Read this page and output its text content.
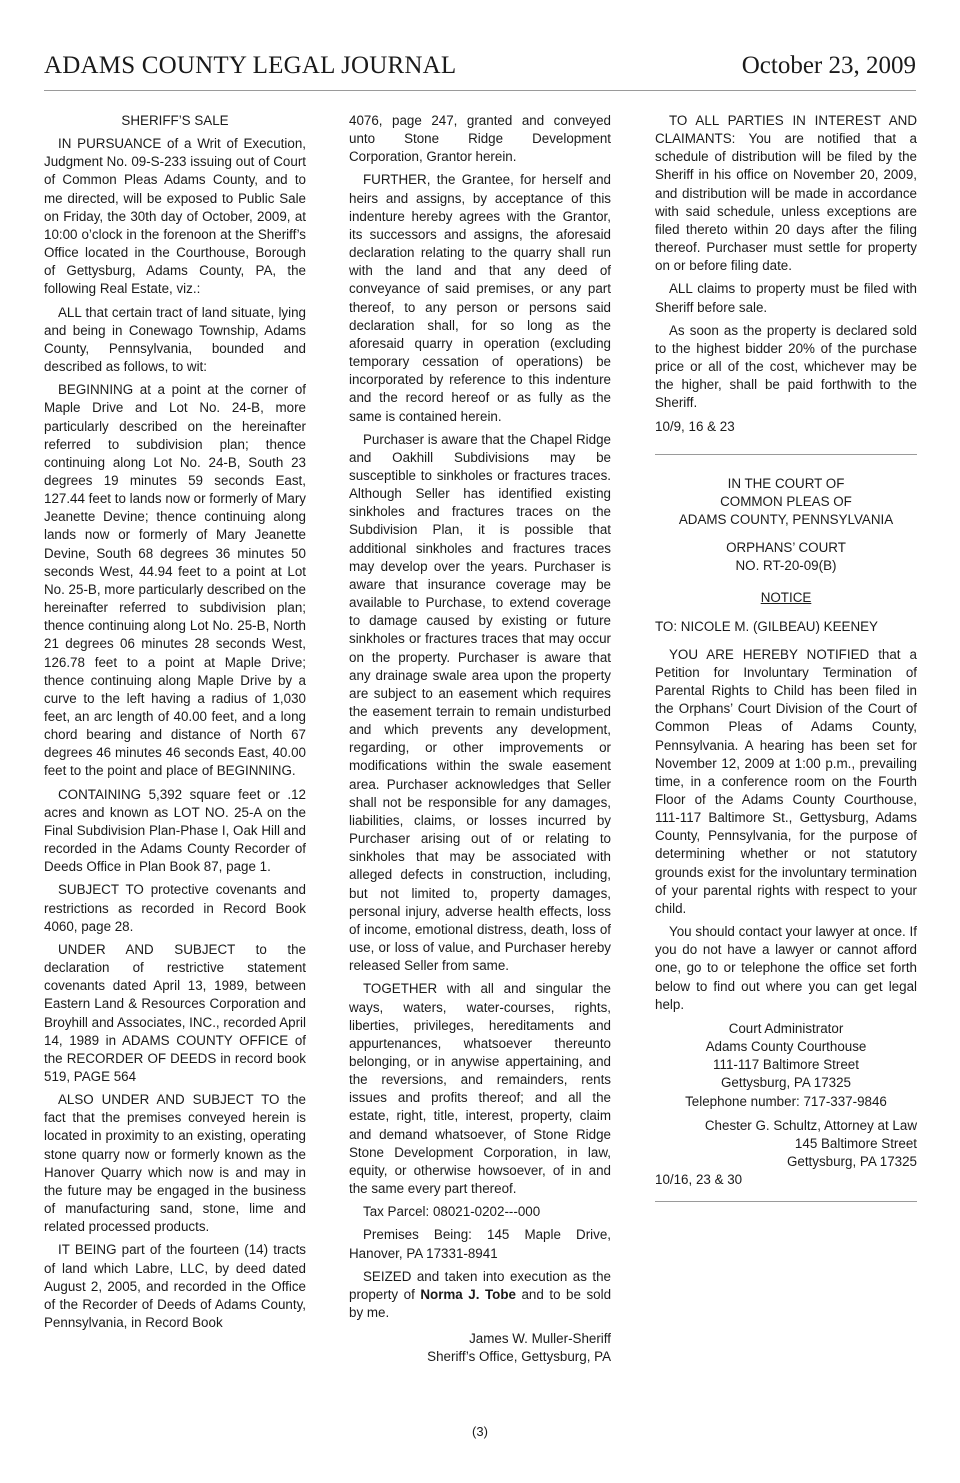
ADAMS COUNTY LEGAL JOURNAL	October 23, 2009

SHERIFF’S SALE

IN PURSUANCE of a Writ of Execution, Judgment No. 09-S-233 issuing out of Court of Common Pleas Adams County, and to me directed, will be exposed to Public Sale on Friday, the 30th day of October, 2009, at 10:00 o’clock in the forenoon at the Sheriff’s Office located in the Courthouse, Borough of Gettysburg, Adams County, PA, the following Real Estate, viz.:

ALL that certain tract of land situate, lying and being in Conewago Township, Adams County, Pennsylvania, bounded and described as follows, to wit:

BEGINNING at a point at the corner of Maple Drive and Lot No. 24-B, more particularly described on the hereinafter referred to subdivision plan; thence continuing along Lot No. 24-B, South 23 degrees 19 minutes 59 seconds East, 127.44 feet to lands now or formerly of Mary Jeanette Devine; thence continuing along lands now or formerly of Mary Jeanette Devine, South 68 degrees 36 minutes 50 seconds West, 44.94 feet to a point at Lot No. 25-B, more particularly described on the hereinafter referred to subdivision plan; thence continuing along Lot No. 25-B, North 21 degrees 06 minutes 28 seconds West, 126.78 feet to a point at Maple Drive; thence continuing along Maple Drive by a curve to the left having a radius of 1,030 feet, an arc length of 40.00 feet, and a long chord bearing and distance of North 67 degrees 46 minutes 46 seconds East, 40.00 feet to the point and place of BEGINNING.

CONTAINING 5,392 square feet or .12 acres and known as LOT NO. 25-A on the Final Subdivision Plan-Phase I, Oak Hill and recorded in the Adams County Recorder of Deeds Office in Plan Book 87, page 1.

SUBJECT TO protective covenants and restrictions as recorded in Record Book 4060, page 28.

UNDER AND SUBJECT to the declaration of restrictive statement covenants dated April 13, 1989, between Eastern Land & Resources Corporation and Broyhill and Associates, INC., recorded April 14, 1989 in ADAMS COUNTY OFFICE of the RECORDER OF DEEDS in record book 519, PAGE 564

ALSO UNDER AND SUBJECT TO the fact that the premises conveyed herein is located in proximity to an existing, operating stone quarry now or formerly known as the Hanover Quarry which now is and may in the future may be engaged in the business of manufacturing sand, stone, lime and related processed products.

IT BEING part of the fourteen (14) tracts of land which Labre, LLC, by deed dated August 2, 2005, and recorded in the Office of the Recorder of Deeds of Adams County, Pennsylvania, in Record Book

4076, page 247, granted and conveyed unto Stone Ridge Development Corporation, Grantor herein.

FURTHER, the Grantee, for herself and heirs and assigns, by acceptance of this indenture hereby agrees with the Grantor, its successors and assigns, the aforesaid declaration relating to the quarry shall run with the land and that any deed of conveyance of said premises, or any part thereof, to any person or persons said declaration shall, for so long as the aforesaid quarry in operation (excluding temporary cessation of operations) be incorporated by reference to this indenture and the record hereof or as fully as the same is contained herein.

Purchaser is aware that the Chapel Ridge and Oakhill Subdivisions may be susceptible to sinkholes or fractures traces. Although Seller has identified existing sinkholes and fractures traces on the Subdivision Plan, it is possible that additional sinkholes and fractures traces may develop over the years. Purchaser is aware that insurance coverage may be available to Purchase, to extend coverage to damage caused by existing or future sinkholes or fractures traces that may occur on the property. Purchaser is aware that any drainage swale area upon the property are subject to an easement which requires the easement terrain to remain undisturbed and which prevents any development, regarding, or other improvements or modifications within the swale easement area. Purchaser acknowledges that Seller shall not be responsible for any damages, liabilities, claims, or losses incurred by Purchaser arising out of or relating to sinkholes that may be associated with alleged defects in construction, including, but not limited to, property damages, personal injury, adverse health effects, loss of income, emotional distress, death, loss of use, or loss of value, and Purchaser hereby released Seller from same.

TOGETHER with all and singular the ways, waters, water-courses, rights, liberties, privileges, hereditaments and appurtenances, whatsoever thereunto belonging, or in anywise appertaining, and the reversions, and remainders, rents issues and profits thereof; and all the estate, right, title, interest, property, claim and demand whatsoever, of Stone Ridge Stone Development Corporation, in law, equity, or otherwise howsoever, of in and the same every part thereof.

Tax Parcel: 08021-0202---000

Premises Being: 145 Maple Drive, Hanover, PA 17331-8941

SEIZED and taken into execution as the property of Norma J. Tobe and to be sold by me.

James W. Muller-Sheriff
Sheriff’s Office, Gettysburg, PA

TO ALL PARTIES IN INTEREST AND CLAIMANTS: You are notified that a schedule of distribution will be filed by the Sheriff in his office on November 20, 2009, and distribution will be made in accordance with said schedule, unless exceptions are filed thereto within 20 days after the filing thereof. Purchaser must settle for property on or before filing date.

ALL claims to property must be filed with Sheriff before sale.

As soon as the property is declared sold to the highest bidder 20% of the purchase price or all of the cost, whichever may be the higher, shall be paid forthwith to the Sheriff.

10/9, 16 & 23

IN THE COURT OF
COMMON PLEAS OF
ADAMS COUNTY, PENNSYLVANIA
ORPHANS’ COURT
NO. RT-20-09(B)

NOTICE

TO: NICOLE M. (GILBEAU) KEENEY

YOU ARE HEREBY NOTIFIED that a Petition for Involuntary Termination of Parental Rights to Child has been filed in the Orphans’ Court Division of the Court of Common Pleas of Adams County, Pennsylvania. A hearing has been set for November 12, 2009 at 1:00 p.m., prevailing time, in a conference room on the Fourth Floor of the Adams County Courthouse, 111-117 Baltimore St., Gettysburg, Adams County, Pennsylvania, for the purpose of determining whether or not statutory grounds exist for the involuntary termination of your parental rights with respect to your child.

You should contact your lawyer at once. If you do not have a lawyer or cannot afford one, go to or telephone the office set forth below to find out where you can get legal help.

Court Administrator
Adams County Courthouse
111-117 Baltimore Street
Gettysburg, PA 17325
Telephone number: 717-337-9846
Chester G. Schultz, Attorney at Law
145 Baltimore Street
Gettysburg, PA 17325

10/16, 23 & 30

(3)
